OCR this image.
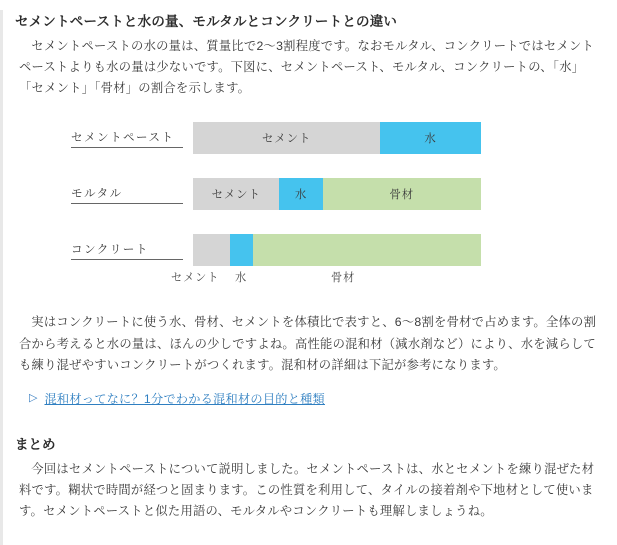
セメントペーストと水の量、モルタルとコンクリートとの違い

セメントペーストの水の量は、質量比で2～3割程度です。なおモルタル、コンクリートではセメントペーストよりも水の量は少ないです。下図に、セメントペースト、モルタル、コンクリートの、「水」「セメント」「骨材」の割合を示します。

セメントペースト	セメント	水
モルタル	セメント	水	骨材
コンクリート
セメント 水	骨材

実はコンクリートに使う水、骨材、セメントを体積比で表すと、6～8割を骨材で占めます。全体の割合から考えると水の量は、ほんの少しですよね。高性能の混和材（減水剤など）により、水を減らしても練り混ぜやすいコンクリートがつくれます。混和材の詳細は下記が参考になります。

▷ 混和材ってなに？1分でわかる混和材の目的と種類
まとめ

今回はセメントペーストについて説明しました。セメントペーストは、水とセメントを練り混ぜた材料です。糊状で時間が経つと固まります。この性質を利用して、タイルの接着剤や下地材として使います。セメントペーストと似た用語の、モルタルやコンクリートも理解しましょうね。
